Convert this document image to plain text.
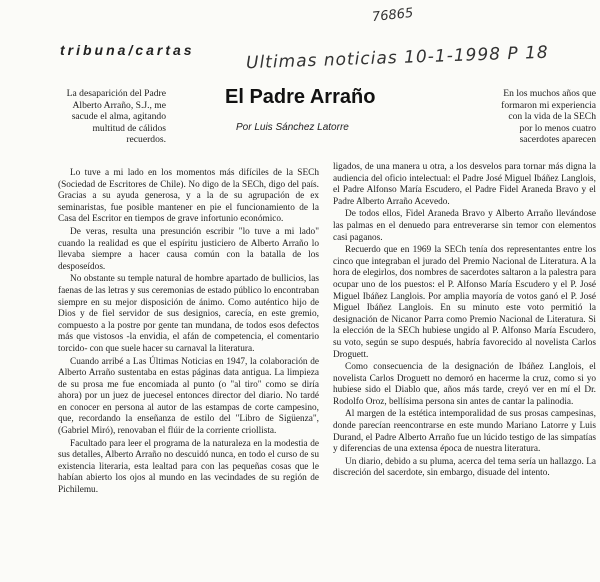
tribuna/cartas
76865
Ultimas noticias 10-1-1998 P 18
El Padre Arraño
Por Luis Sánchez Latorre
La desaparición del Padre Alberto Arraño, S.J., me sacude el alma, agitando multitud de cálidos recuerdos.
En los muchos años que formaron mi experiencia con la vida de la SECh por lo menos cuatro sacerdotes aparecen

Lo tuve a mi lado en los momentos más difíciles de la SECh (Sociedad de Escritores de Chile). No digo de la SECh, digo del país. Gracias a su ayuda generosa, y a la de su agrupación de ex seminaristas, fue posible mantener en pie el funcionamiento de la Casa del Escritor en tiempos de grave infortunio económico.

De veras, resulta una presunción escribir "lo tuve a mi lado" cuando la realidad es que el espíritu justiciero de Alberto Arraño lo llevaba siempre a hacer causa común con la batalla de los desposeídos.

No obstante su temple natural de hombre apartado de bullicios, las faenas de las letras y sus ceremonias de estado público lo encontraban siempre en su mejor disposición de ánimo. Como auténtico hijo de Dios y de fiel servidor de sus designios, carecía, en este gremio, compuesto a la postre por gente tan mundana, de todos esos defectos más que vistosos -la envidia, el afán de competencia, el comentario torcido- con que suele hacer su carnaval la literatura.

Cuando arribé a Las Últimas Noticias en 1947, la colaboración de Alberto Arraño sustentaba en estas páginas data antigua. La limpieza de su prosa me fue encomiada al punto (o "al tiro" como se diría ahora) por un juez de juecesel entonces director del diario. No tardé en conocer en persona al autor de las estampas de corte campesino, que, recordando la enseñanza de estilo del "Libro de Sigüenza", (Gabriel Miró), renovaban el flúir de la corriente criollista.

Facultado para leer el programa de la naturaleza en la modestia de sus detalles, Alberto Arraño no descuidó nunca, en todo el curso de su existencia literaria, esta lealtad para con las pequeñas cosas que le habían abierto los ojos al mundo en las vecindades de su región de Pichilemu.

ligados, de una manera u otra, a los desvelos para tornar más digna la audiencia del oficio intelectual: el Padre José Miguel Ibáñez Langlois, el Padre Alfonso María Escudero, el Padre Fidel Araneda Bravo y el Padre Alberto Arraño Acevedo.

De todos ellos, Fidel Araneda Bravo y Alberto Arraño llevándose las palmas en el denuedo para entreverarse sin temor con elementos casi paganos.

Recuerdo que en 1969 la SECh tenía dos representantes entre los cinco que integraban el jurado del Premio Nacional de Literatura. A la hora de elegirlos, dos nombres de sacerdotes saltaron a la palestra para ocupar uno de los puestos: el P. Alfonso María Escudero y el P. José Miguel Ibáñez Langlois. Por amplia mayoría de votos ganó el P. José Miguel Ibáñez Langlois. En su minuto este voto permitió la designación de Nicanor Parra como Premio Nacional de Literatura. Si la elección de la SECh hubiese ungido al P. Alfonso María Escudero, su voto, según se supo después, habría favorecido al novelista Carlos Droguett.

Como consecuencia de la designación de Ibáñez Langlois, el novelista Carlos Droguett no demoró en hacerme la cruz, como si yo hubiese sido el Diablo que, años más tarde, creyó ver en mí el Dr. Rodolfo Oroz, bellísima persona sin antes de cantar la palinodia.

Al margen de la estética intemporalidad de sus prosas campesinas, donde parecían reencontrarse en este mundo Mariano Latorre y Luis Durand, el Padre Alberto Arraño fue un lúcido testigo de las simpatías y diferencias de una extensa época de nuestra literatura.

Un diario, debido a su pluma, acerca del tema sería un hallazgo. La discreción del sacerdote, sin embargo, disuade del intento.
